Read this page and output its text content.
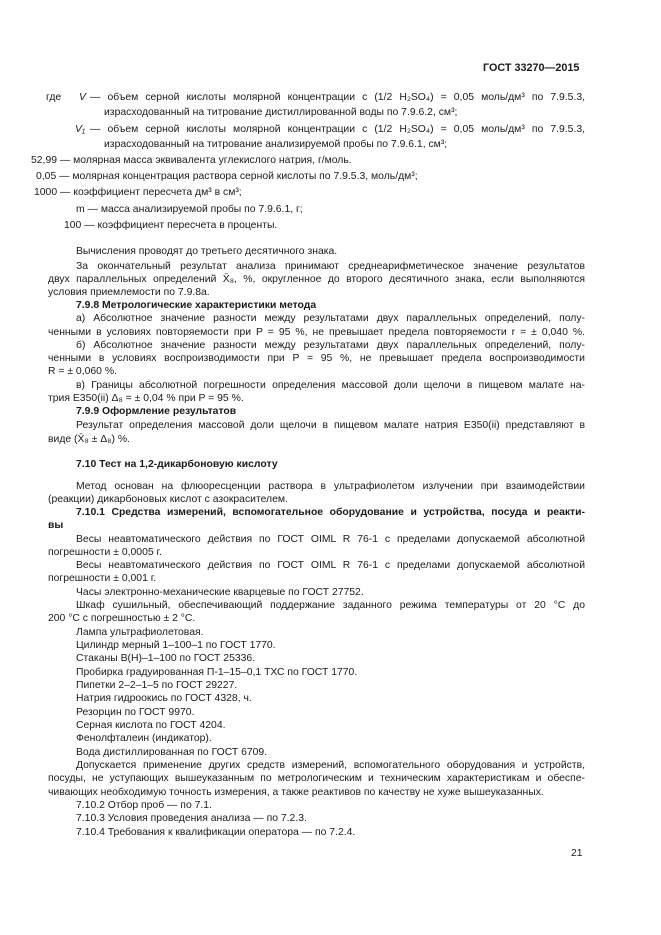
ГОСТ 33270—2015
где V — объем серной кислоты молярной концентрации c (1/2 H₂SO₄) = 0,05 моль/дм³ по 7.9.5.3,
израсходованный на титрование дистиллированной воды по 7.9.6.2, см³;
V₁ — объем серной кислоты молярной концентрации c (1/2 H₂SO₄) = 0,05 моль/дм³ по 7.9.5.3,
израсходованный на титрование анализируемой пробы по 7.9.6.1, см³;
52,99 — молярная масса эквивалента углекислого натрия, г/моль.
0,05 — молярная концентрация раствора серной кислоты по 7.9.5.3, моль/дм³;
1000 — коэффициент пересчета дм³ в см³;
m — масса анализируемой пробы по 7.9.6.1, г;
100 — коэффициент пересчета в проценты.
Вычисления проводят до третьего десятичного знака.
За окончательный результат анализа принимают среднеарифметическое значение результатов
двух параллельных определений X̄₈, %, округленное до второго десятичного знака, если выполняются
условия приемлемости по 7.9.8а.
7.9.8 Метрологические характеристики метода
а) Абсолютное значение разности между результатами двух параллельных определений, полу-
ченными в условиях повторяемости при P = 95 %, не превышает предела повторяемости r = ± 0,040 %.
б) Абсолютное значение разности между результатами двух параллельных определений, полу-
ченными в условиях воспроизводимости при P = 95 %, не превышает предела воспроизводимости
R = ± 0,060 %.
в) Границы абсолютной погрешности определения массовой доли щелочи в пищевом малате на-
трия Е350(ii) Δ₈ = ± 0,04 % при P = 95 %.
7.9.9 Оформление результатов
Результат определения массовой доли щелочи в пищевом малате натрия Е350(ii) представляют в
виде (X̄₈ ± Δ₈) %.
7.10 Тест на 1,2-дикарбоновую кислоту
Метод основан на флюоресценции раствора в ультрафиолетом излучении при взаимодействии
(реакции) дикарбоновых кислот с азокрасителем.
7.10.1 Средства измерений, вспомогательное оборудование и устройства, посуда и реакти-
вы
Весы неавтоматического действия по ГОСТ OIML R 76-1 с пределами допускаемой абсолютной
погрешности ± 0,0005 г.
Весы неавтоматического действия по ГОСТ OIML R 76-1 с пределами допускаемой абсолютной
погрешности ± 0,001 г.
Часы электронно-механические кварцевые по ГОСТ 27752.
Шкаф сушильный, обеспечивающий поддержание заданного режима температуры от 20 °С до
200 °С с погрешностью ± 2 °С.
Лампа ультрафиолетовая.
Цилиндр мерный 1–100–1 по ГОСТ 1770.
Стаканы В(Н)–1–100 по ГОСТ 25336.
Пробирка градуированная П-1–15–0,1 ТХС по ГОСТ 1770.
Пипетки 2–2–1–5 по ГОСТ 29227.
Натрия гидроокись по ГОСТ 4328, ч.
Резорцин по ГОСТ 9970.
Серная кислота по ГОСТ 4204.
Фенолфталеин (индикатор).
Вода дистиллированная по ГОСТ 6709.
Допускается применение других средств измерений, вспомогательного оборудования и устройств,
посуды, не уступающих вышеуказанным по метрологическим и техническим характеристикам и обеспе-
чивающих необходимую точность измерения, а также реактивов по качеству не хуже вышеуказанных.
7.10.2 Отбор проб — по 7.1.
7.10.3 Условия проведения анализа — по 7.2.3.
7.10.4 Требования к квалификации оператора — по 7.2.4.
21
